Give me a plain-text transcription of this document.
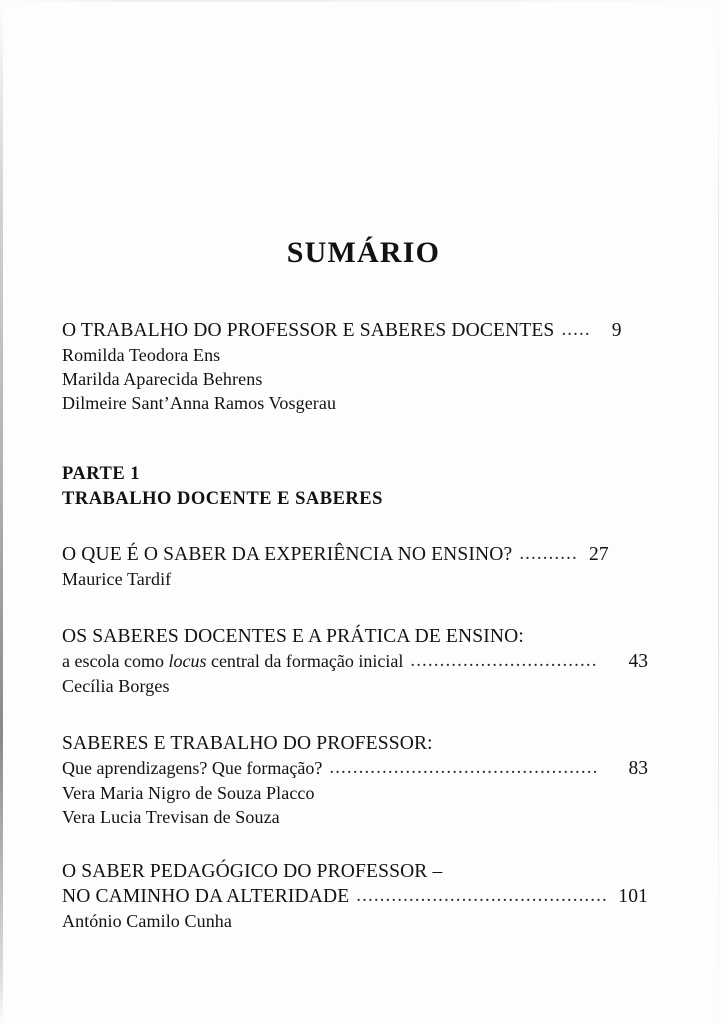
SUMÁRIO
O TRABALHO DO PROFESSOR E SABERES DOCENTES .....	9
Romilda Teodora Ens
Marilda Aparecida Behrens
Dilmeire Sant’Anna Ramos Vosgerau
PARTE 1
TRABALHO DOCENTE E SABERES
O QUE É O SABER DA EXPERIÊNCIA NO ENSINO? .......... 27
Maurice Tardif
OS SABERES DOCENTES E A PRÁTICA DE ENSINO:
a escola como locus central da formação inicial ................................	43
Cecília Borges
SABERES E TRABALHO DO PROFESSOR:
Que aprendizagens? Que formação? ..............................................	83
Vera Maria Nigro de Souza Placco
Vera Lucia Trevisan de Souza
O SABER PEDAGÓGICO DO PROFESSOR –
NO CAMINHO DA ALTERIDADE ........................................... 101
António Camilo Cunha
